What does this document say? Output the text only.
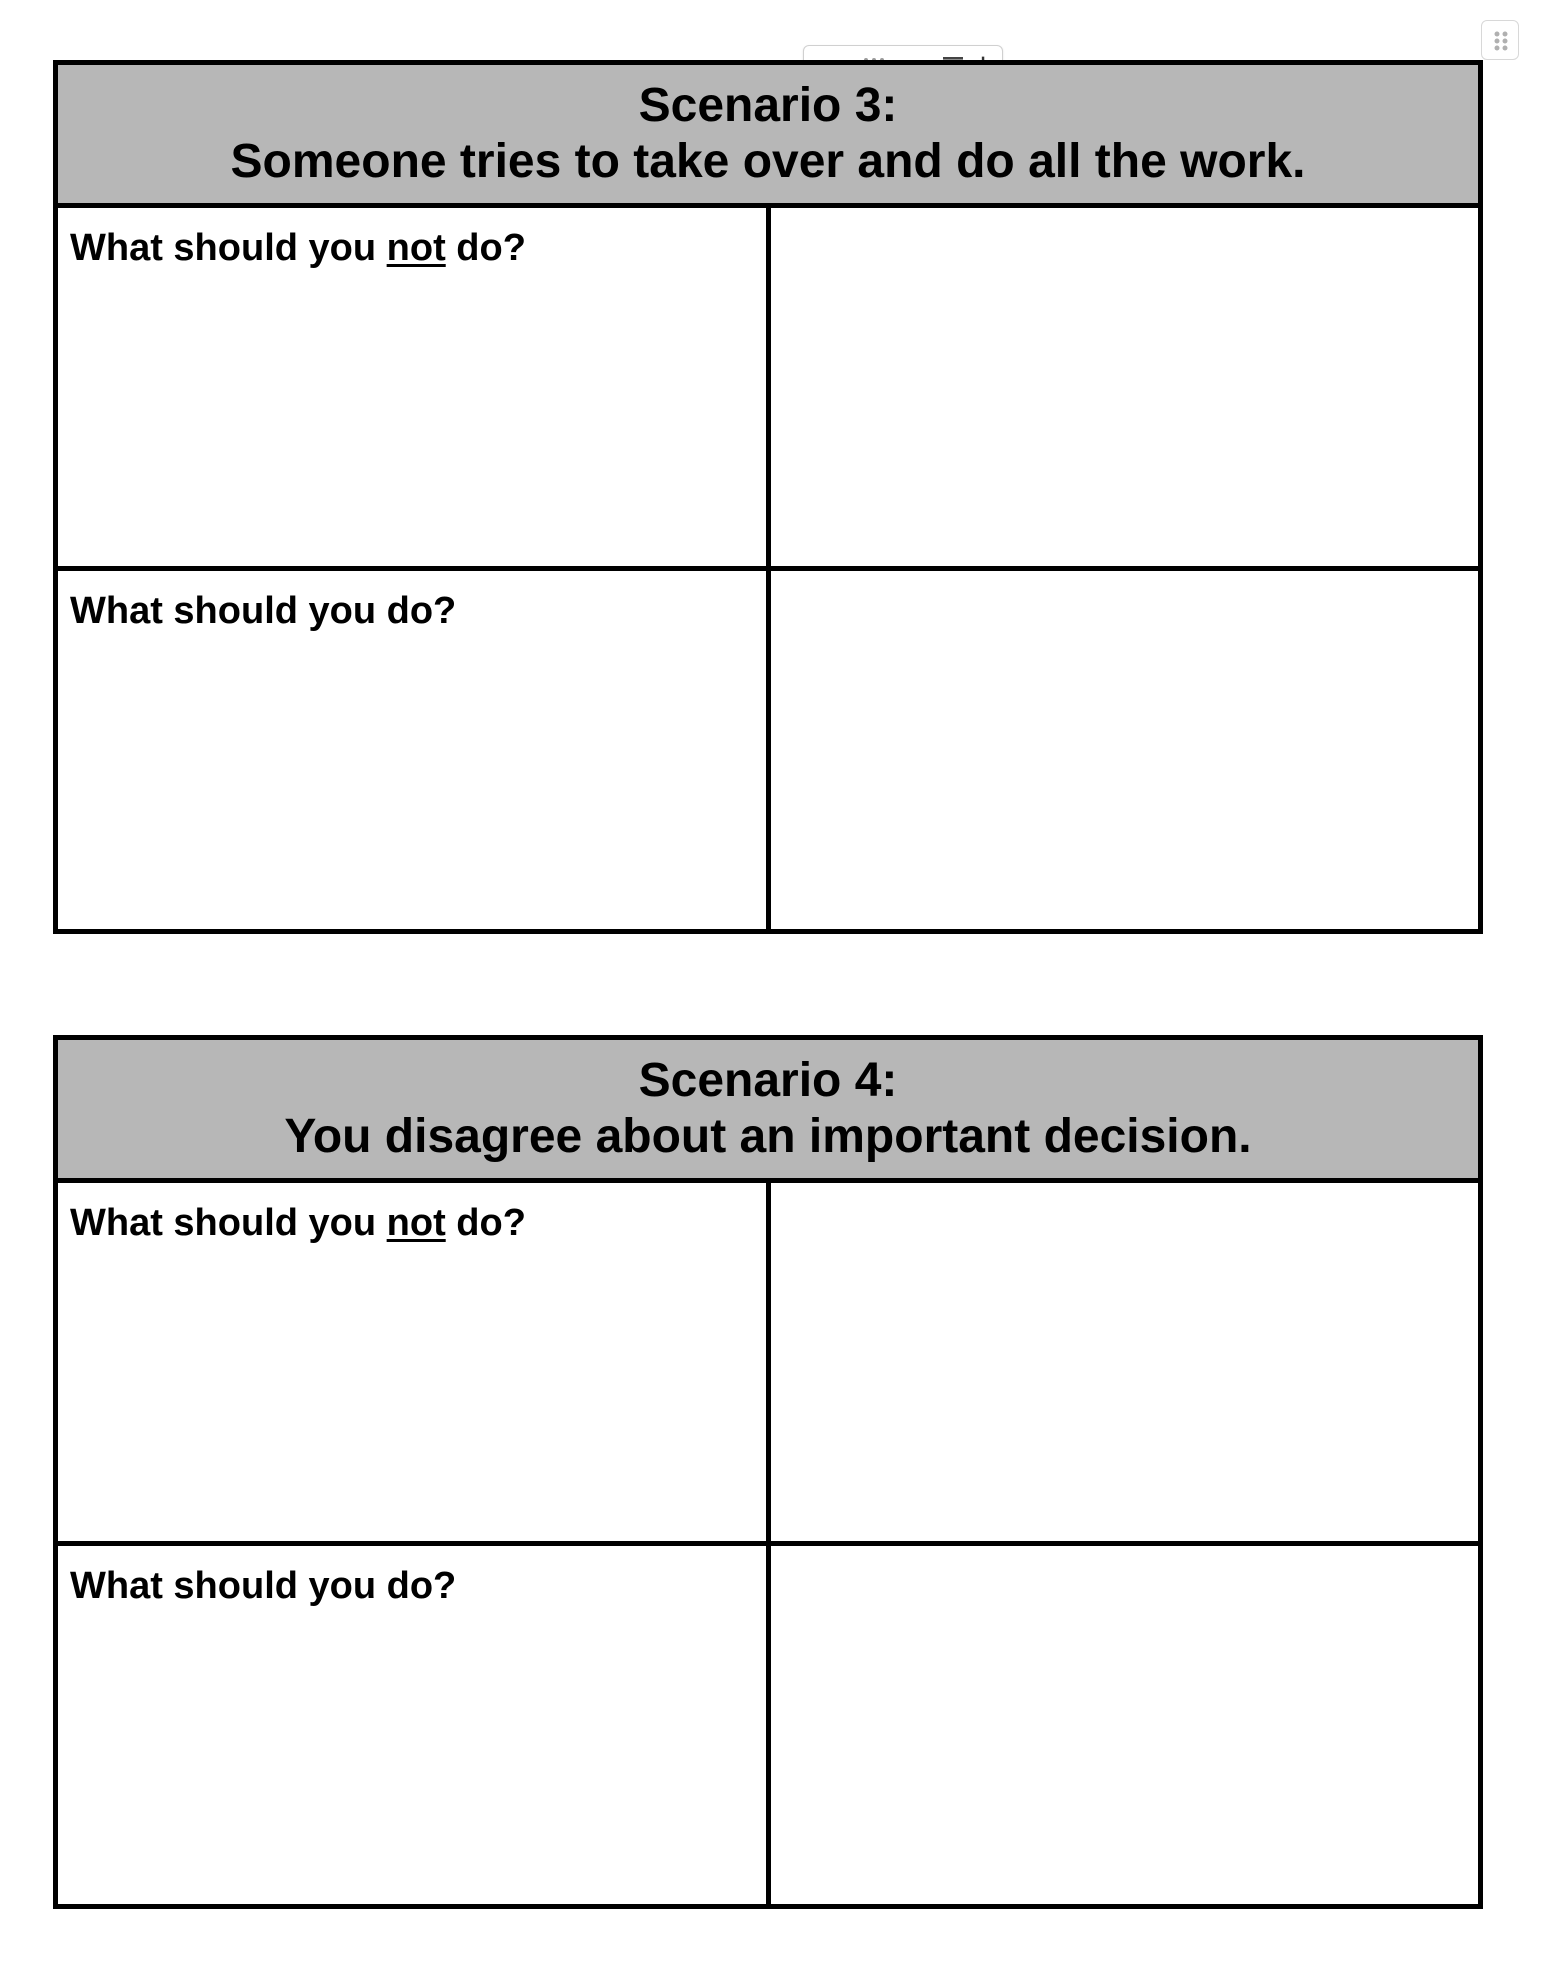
Scenario 3:
Someone tries to take over and do all the work.	

What should you not do?	
What should you do?	
Scenario 4:
You disagree about an important decision.	

What should you not do?	
What should you do?	
